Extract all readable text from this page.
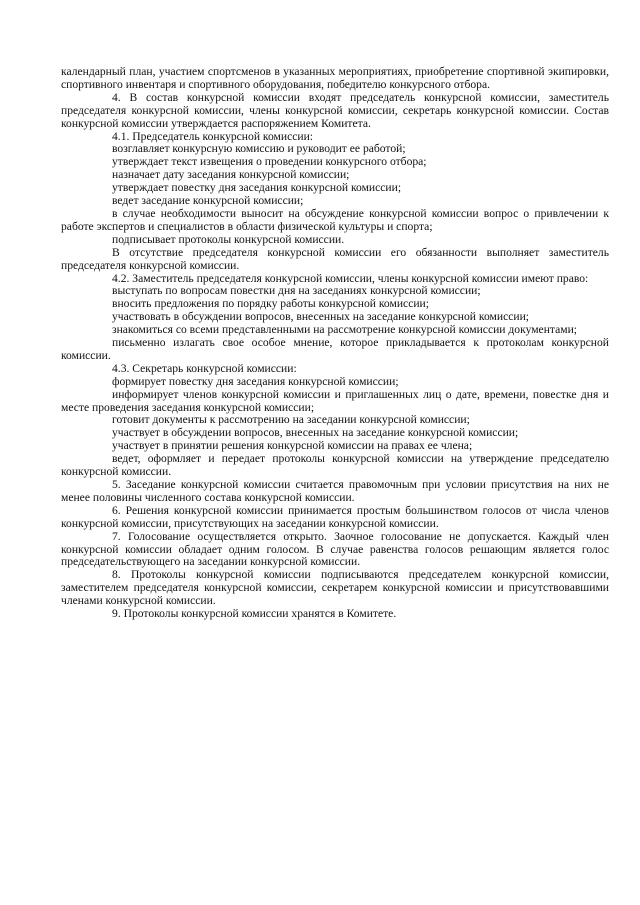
календарный план, участием спортсменов в указанных мероприятиях, приобретение спортивной экипировки, спортивного инвентаря и спортивного оборудования, победителю конкурсного отбора.

4. В состав конкурсной комиссии входят председатель конкурсной комиссии, заместитель председателя конкурсной комиссии, члены конкурсной комиссии, секретарь конкурсной комиссии. Состав конкурсной комиссии утверждается распоряжением Комитета.

4.1. Председатель конкурсной комиссии:

возглавляет конкурсную комиссию и руководит ее работой;

утверждает текст извещения о проведении конкурсного отбора;

назначает дату заседания конкурсной комиссии;

утверждает повестку дня заседания конкурсной комиссии;

ведет заседание конкурсной комиссии;

в случае необходимости выносит на обсуждение конкурсной комиссии вопрос о привлечении к работе экспертов и специалистов в области физической культуры и спорта;

подписывает протоколы конкурсной комиссии.

В отсутствие председателя конкурсной комиссии его обязанности выполняет заместитель председателя конкурсной комиссии.

4.2. Заместитель председателя конкурсной комиссии, члены конкурсной комиссии имеют право:

выступать по вопросам повестки дня на заседаниях конкурсной комиссии;

вносить предложения по порядку работы конкурсной комиссии;

участвовать в обсуждении вопросов, внесенных на заседание конкурсной комиссии;

знакомиться со всеми представленными на рассмотрение конкурсной комиссии документами;

письменно излагать свое особое мнение, которое прикладывается к протоколам конкурсной комиссии.

4.3. Секретарь конкурсной комиссии:

формирует повестку дня заседания конкурсной комиссии;

информирует членов конкурсной комиссии и приглашенных лиц о дате, времени, повестке дня и месте проведения заседания конкурсной комиссии;

готовит документы к рассмотрению на заседании конкурсной комиссии;

участвует в обсуждении вопросов, внесенных на заседание конкурсной комиссии;

участвует в принятии решения конкурсной комиссии на правах ее члена;

ведет, оформляет и передает протоколы конкурсной комиссии на утверждение председателю конкурсной комиссии.

5. Заседание конкурсной комиссии считается правомочным при условии присутствия на них не менее половины численного состава конкурсной комиссии.

6. Решения конкурсной комиссии принимается простым большинством голосов от числа членов конкурсной комиссии, присутствующих на заседании конкурсной комиссии.

7. Голосование осуществляется открыто. Заочное голосование не допускается. Каждый член конкурсной комиссии обладает одним голосом. В случае равенства голосов решающим является голос председательствующего на заседании конкурсной комиссии.

8. Протоколы конкурсной комиссии подписываются председателем конкурсной комиссии, заместителем председателя конкурсной комиссии, секретарем конкурсной комиссии и присутствовавшими членами конкурсной комиссии.

9. Протоколы конкурсной комиссии хранятся в Комитете.
